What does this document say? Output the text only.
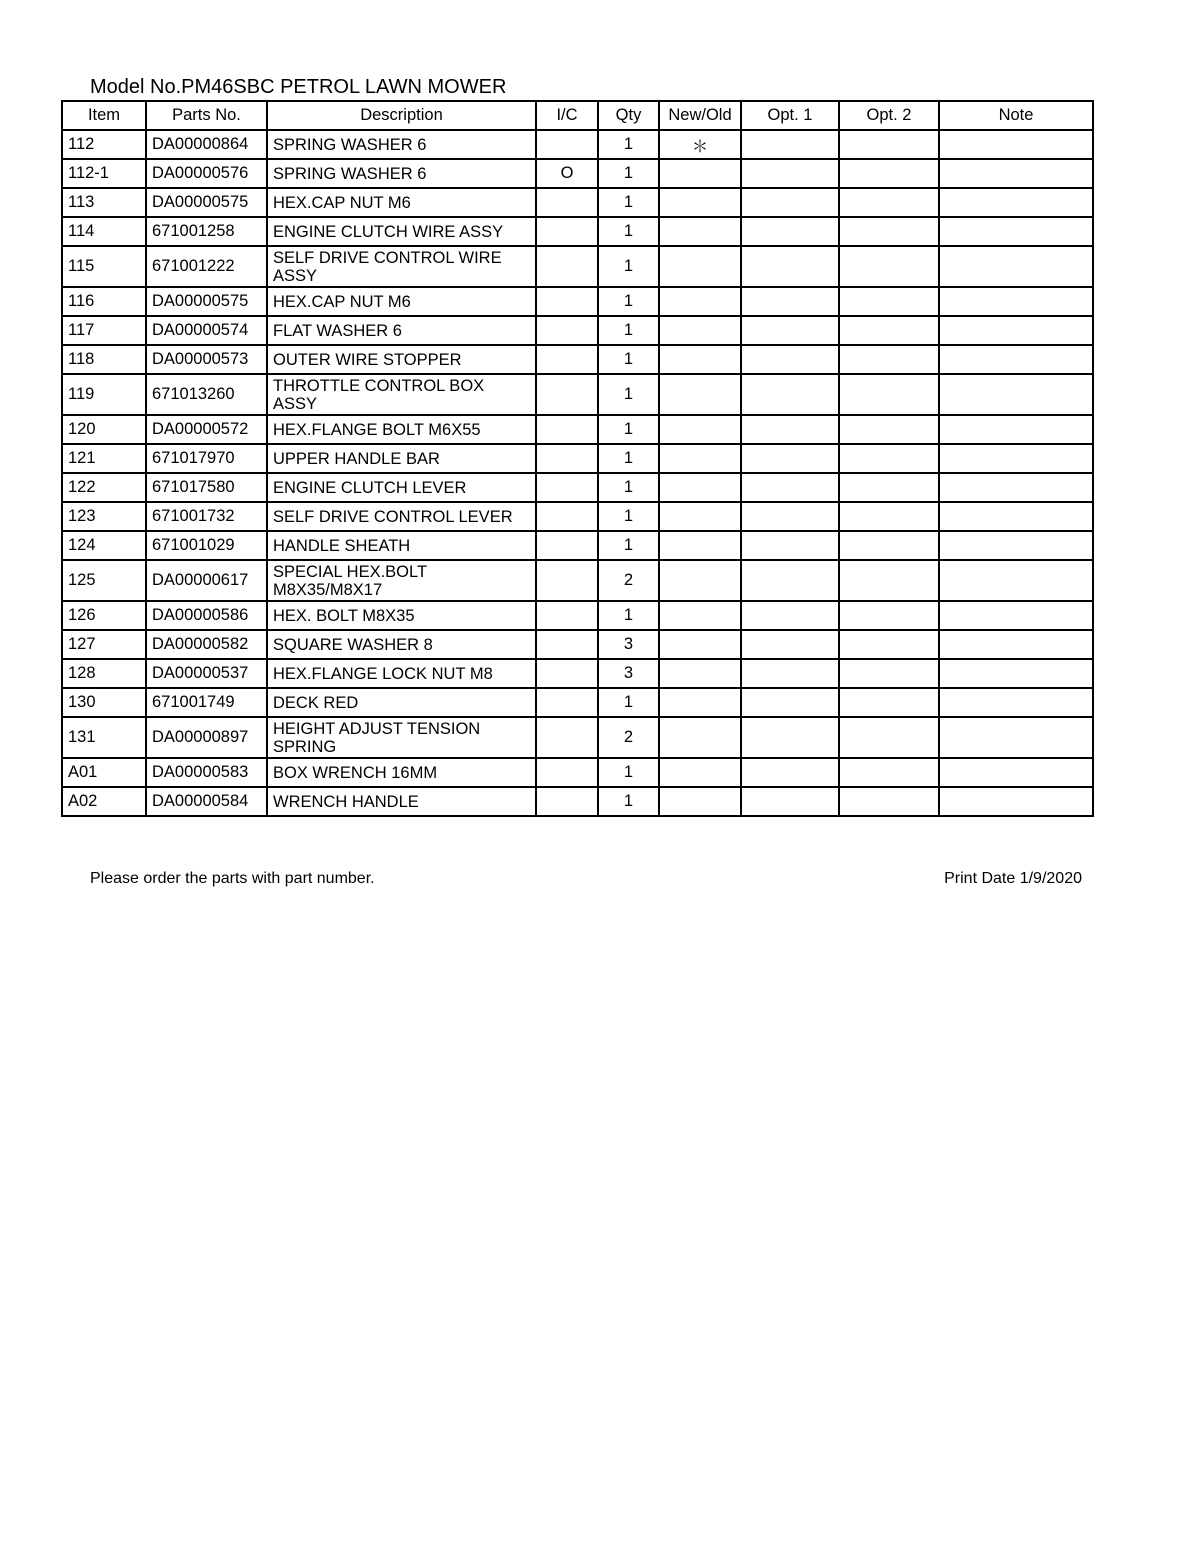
Model No.PM46SBC PETROL LAWN MOWER
Item	Parts No.	Description	I/C	Qty	New/Old	Opt. 1	Opt. 2	Note
112	DA00000864	SPRING WASHER 6		1	＊			
112-1	DA00000576	SPRING WASHER 6	O	1				
113	DA00000575	HEX.CAP NUT M6		1				
114	671001258	ENGINE CLUTCH WIRE ASSY		1				
115	671001222	SELF DRIVE CONTROL WIRE ASSY		1				
116	DA00000575	HEX.CAP NUT M6		1				
117	DA00000574	FLAT WASHER 6		1				
118	DA00000573	OUTER WIRE STOPPER		1				
119	671013260	THROTTLE CONTROL BOX ASSY		1				
120	DA00000572	HEX.FLANGE BOLT M6X55		1				
121	671017970	UPPER HANDLE BAR		1				
122	671017580	ENGINE CLUTCH LEVER		1				
123	671001732	SELF DRIVE CONTROL LEVER		1				
124	671001029	HANDLE SHEATH		1				
125	DA00000617	SPECIAL HEX.BOLT M8X35/M8X17		2				
126	DA00000586	HEX. BOLT M8X35		1				
127	DA00000582	SQUARE WASHER 8		3				
128	DA00000537	HEX.FLANGE LOCK NUT M8		3				
130	671001749	DECK RED		1				
131	DA00000897	HEIGHT ADJUST TENSION SPRING		2				
A01	DA00000583	BOX WRENCH 16MM		1				
A02	DA00000584	WRENCH HANDLE		1				
Please order the parts with part number.	Print Date 1/9/2020
